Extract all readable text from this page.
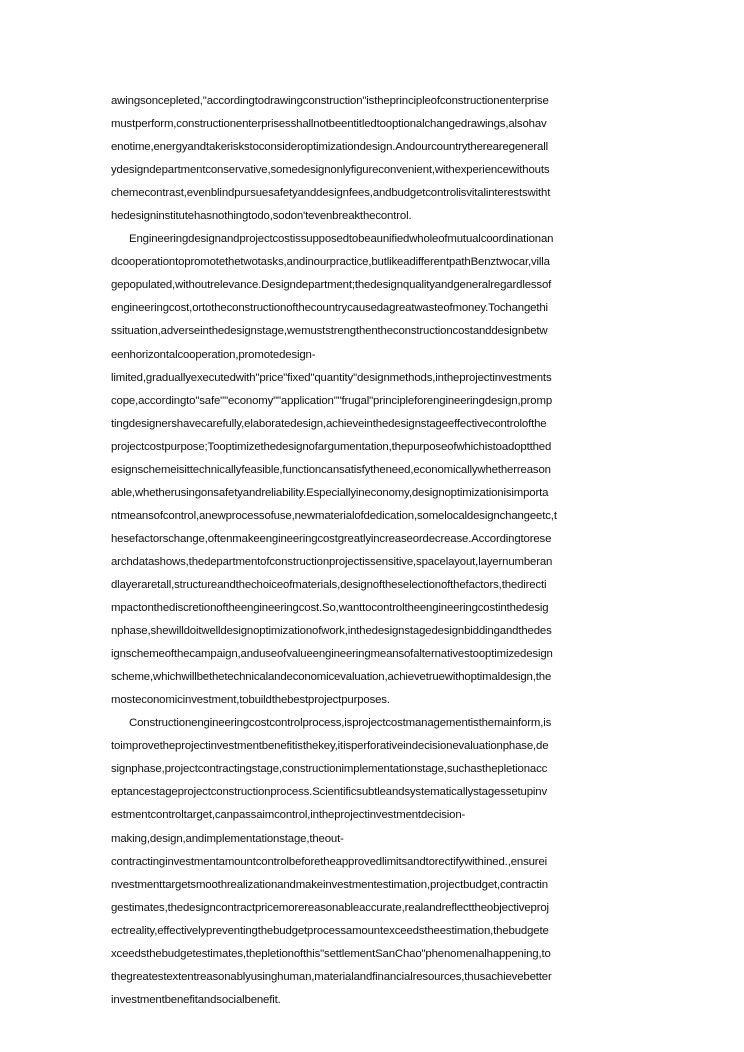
awingsoncepleted,"accordingtodrawingconstruction"istheprincipleofconstructionenterprise
mustperform,constructionenterprisesshallnotbeentitledtooptionalchangedrawings,alsohav
enotime,energyandtakeriskstoconsideroptimizationdesign.Andourcountrytherearegenerall
ydesigndepartmentconservative,somedesignonlyfigureconvenient,withexperiencewithouts
chemecontrast,evenblindpursuesafetyanddesignfees,andbudgetcontrolisvitalinterestswitht
hedesigninstitutehasnothingtodo,sodon'tevenbreakthecontrol.
Engineeringdesignandprojectcostissupposedtobeaunifiedwholeofmutualcoordinationan
dcooperationtopromotethetwotasks,andinourpractice,butlikeadifferentpathBenztwocar,villa
gepopulated,withoutrelevance.Designdepartment;thedesignqualityandgeneralregardlessof
engineeringcost,ortotheconstructionofthecountrycausedagreatwasteofmoney.Tochangethi
ssituation,adverseinthedesignstage,wemuststrengthentheconstructioncostanddesignbetw
eenhorizontalcooperation,promotedesign-
limited,graduallyexecutedwith"price"fixed"quantity"designmethods,intheprojectinvestments
cope,accordingto"safe""economy""application""frugal"principleforengineeringdesign,promp
tingdesignershavecarefully,elaboratedesign,achieveinthedesignstageeffectivecontrolofthe
projectcostpurpose;Tooptimizethedesignofargumentation,thepurposeofwhichistoadoptthed
esignschemeisittechnicallyfeasible,functioncansatisfytheneed,economicallywhetherreason
able,whetherusingonsafetyandreliability.Especiallyineconomy,designoptimizationisimporta
ntmeansofcontrol,anewprocessofuse,newmaterialofdedication,somelocaldesignchangeetc,t
hesefactorschange,oftenmakeengineeringcostgreatlyincreaseordecrease.Accordingtorese
archdatashows,thedepartmentofconstructionprojectissensitive,spacelayout,layernumberan
dlayeraretall,structureandthechoiceofmaterials,designoftheselectionofthefactors,thedirecti
mpactonthediscretionoftheengineeringcost.So,wanttocontroltheengineeringcostinthedesig
nphase,shewilldoitwelldesignoptimizationofwork,inthedesignstagedesignbiddingandthedes
ignschemeofthecampaign,anduseofvalueengineeringmeansofalternativestooptimizedesign
scheme,whichwillbethetechnicalandeconomicevaluation,achievetruewithoptimaldesign,the
mosteconomicinvestment,tobuildthebestprojectpurposes.
Constructionengineeringcostcontrolprocess,isprojectcostmanagementisthemainform,is
toimprovetheprojectinvestmentbenefitisthekey,itisperforativeindecisionevaluationphase,de
signphase,projectcontractingstage,constructionimplementationstage,suchasthepletionacc
eptancestageprojectconstructionprocess.Scientificsubtleandsystematicallystagessetupinv
estmentcontroltarget,canpassaimcontrol,intheprojectinvestmentdecision-
making,design,andimplementationstage,theout-
contractinginvestmentamountcontrolbeforetheapprovedlimitsandtorectifywithined.,ensurei
nvestmenttargetsmoothrealizationandmakeinvestmentestimation,projectbudget,contractin
gestimates,thedesigncontractpricemorereasonableaccurate,realandreflecttheobjectiveproj
ectreality,effectivelypreventingthebudgetprocessamountexceedstheestimation,thebudgete
xceedsthebudgetestimates,thepletionofthis"settlementSanChao"phenomenalhappening,to
thegreatestextentreasonablyusinghuman,materialandfinancialresources,thusachievebetter
investmentbenefitandsocialbenefit.
